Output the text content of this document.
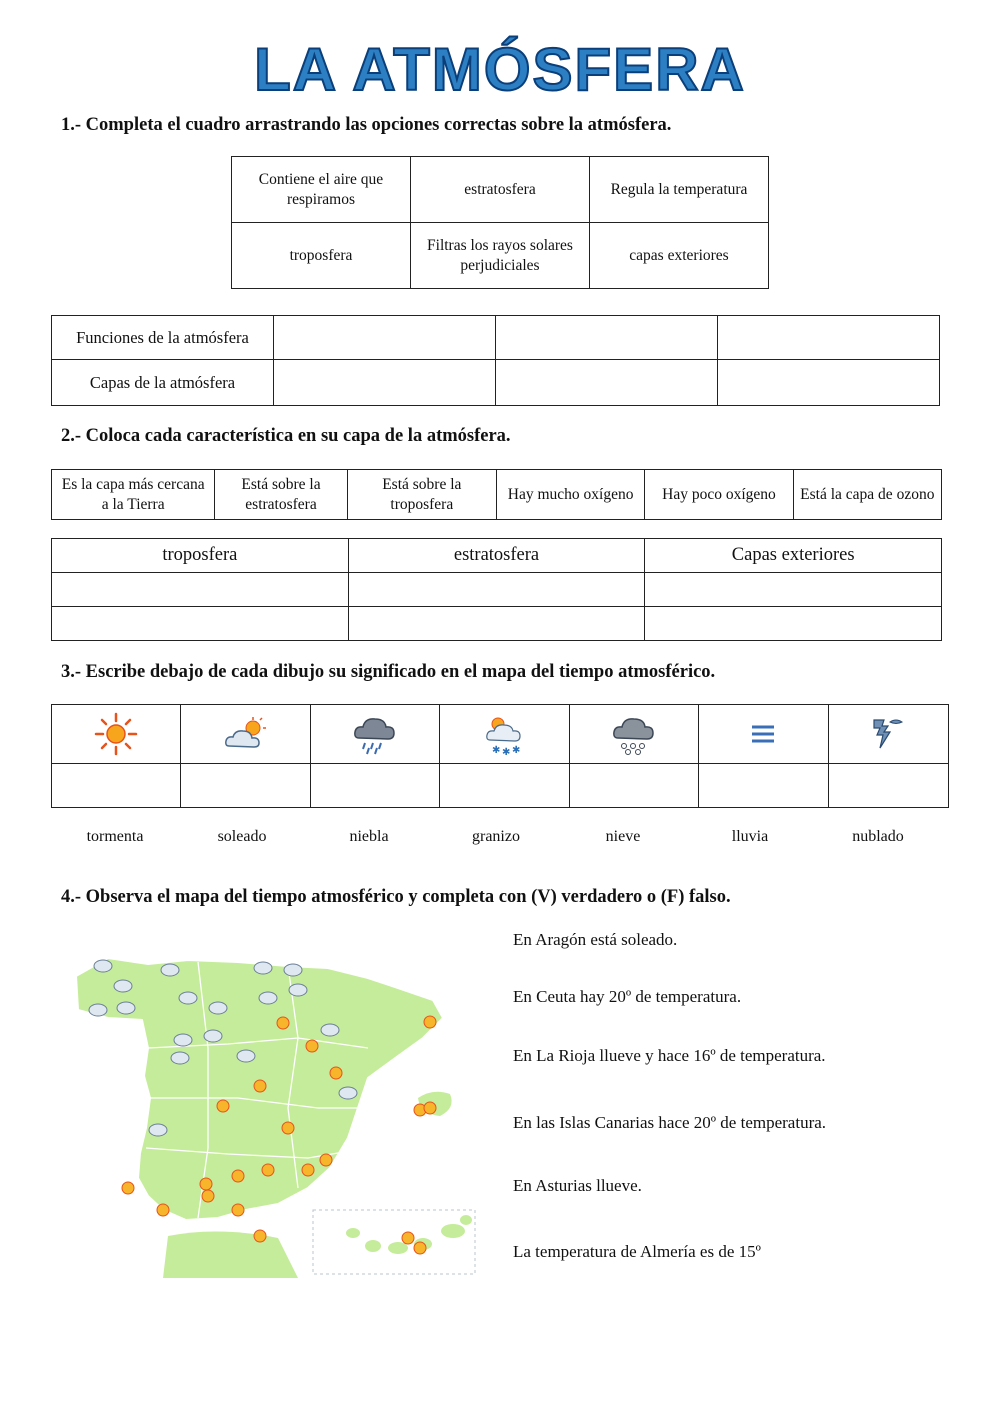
LA ATMÓSFERA
1.- Completa el cuadro arrastrando las opciones correctas sobre la atmósfera.
Contiene el aire que respiramos	estratosfera	Regula la temperatura
troposfera	Filtras los rayos solares perjudiciales	capas exteriores
Funciones de la atmósfera			
Capas de la atmósfera			
2.- Coloca cada característica en su capa de la atmósfera.
Es la capa más cercana a la Tierra	Está sobre la estratosfera	Está sobre la troposfera	Hay mucho oxígeno	Hay poco oxígeno	Está la capa de ozono
troposfera	estratosfera	Capas exteriores

3.- Escribe debajo de cada dibujo su significado en el mapa del tiempo atmosférico.

✱ ✱ ✱

tormenta	soleado	niebla	granizo	nieve	lluvia	nublado
4.- Observa el mapa del tiempo atmosférico y completa con (V) verdadero o (F) falso.
En Aragón está soleado.
En Ceuta hay 20º de temperatura.
En La Rioja llueve y hace 16º de temperatura.
En las Islas Canarias hace 20º de temperatura.
En Asturias llueve.
La temperatura de Almería es de 15º
